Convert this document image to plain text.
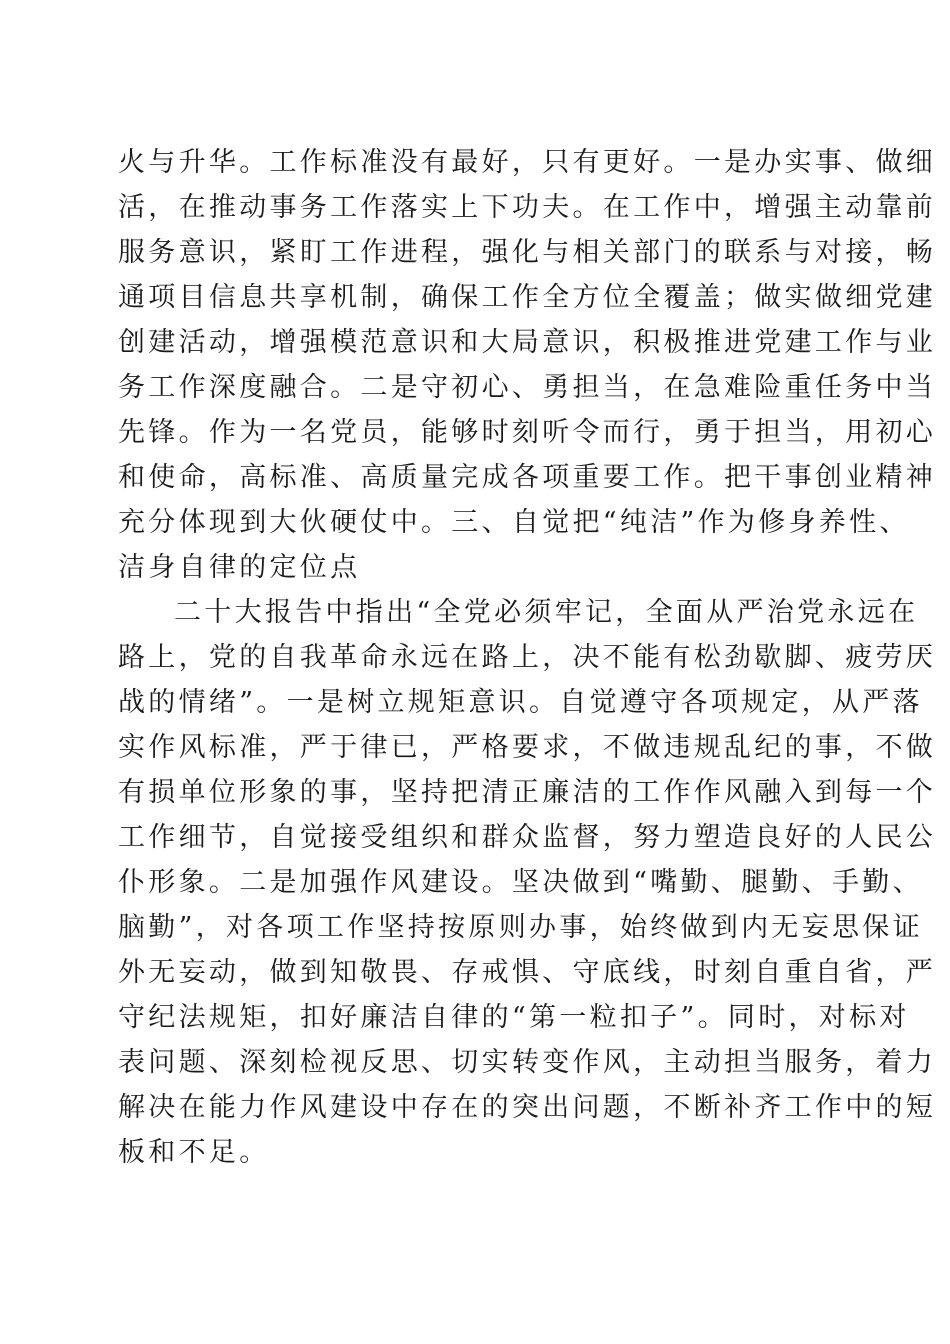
火与升华。工作标准没有最好，只有更好。一是办实事、做细
活，在推动事务工作落实上下功夫。在工作中，增强主动靠前
服务意识，紧盯工作进程，强化与相关部门的联系与对接，畅
通项目信息共享机制，确保工作全方位全覆盖；做实做细党建
创建活动，增强模范意识和大局意识，积极推进党建工作与业
务工作深度融合。二是守初心、勇担当，在急难险重任务中当
先锋。作为一名党员，能够时刻听令而行，勇于担当，用初心
和使命，高标准、高质量完成各项重要工作。把干事创业精神
充分体现到大伙硬仗中。三、自觉把“纯洁”作为修身养性、
洁身自律的定位点
二十大报告中指出“全党必须牢记，全面从严治党永远在
路上，党的自我革命永远在路上，决不能有松劲歇脚、疲劳厌
战的情绪”。一是树立规矩意识。自觉遵守各项规定，从严落
实作风标准，严于律已，严格要求，不做违规乱纪的事，不做
有损单位形象的事，坚持把清正廉洁的工作作风融入到每一个
工作细节，自觉接受组织和群众监督，努力塑造良好的人民公
仆形象。二是加强作风建设。坚决做到“嘴勤、腿勤、手勤、
脑勤”，对各项工作坚持按原则办事，始终做到内无妄思保证
外无妄动，做到知敬畏、存戒惧、守底线，时刻自重自省，严
守纪法规矩，扣好廉洁自律的“第一粒扣子”。同时，对标对
表问题、深刻检视反思、切实转变作风，主动担当服务，着力
解决在能力作风建设中存在的突出问题，不断补齐工作中的短
板和不足。
